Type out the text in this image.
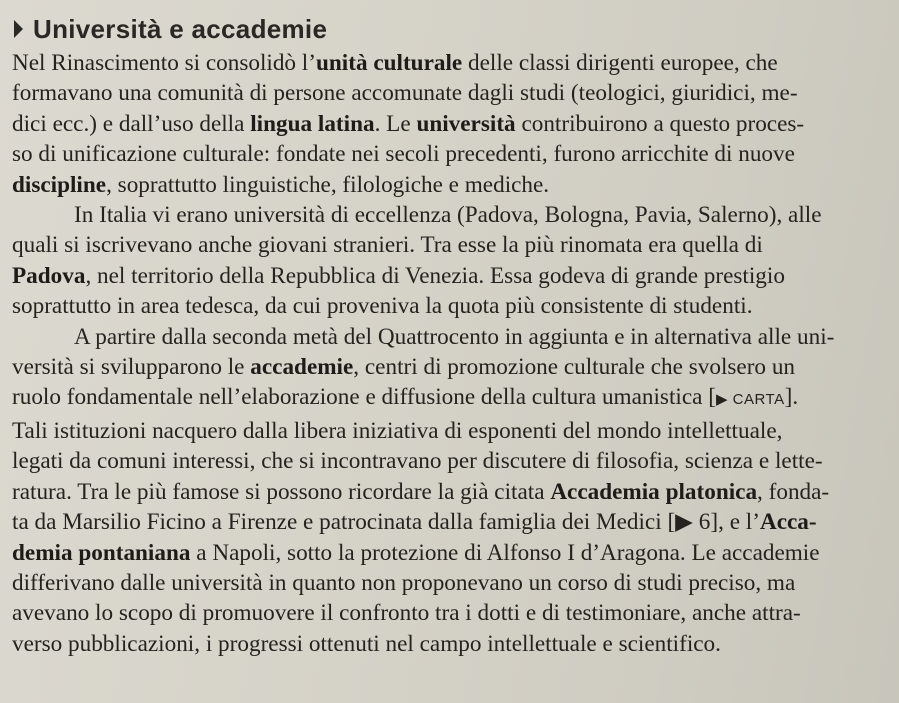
Università e accademie

Nel Rinascimento si consolidò l’unità culturale delle classi dirigenti europee, che
formavano una comunità di persone accomunate dagli studi (teologici, giuridici, me-
dici ecc.) e dall’uso della lingua latina. Le università contribuirono a questo proces-
so di unificazione culturale: fondate nei secoli precedenti, furono arricchite di nuove
discipline, soprattutto linguistiche, filologiche e mediche.

In Italia vi erano università di eccellenza (Padova, Bologna, Pavia, Salerno), alle
quali si iscrivevano anche giovani stranieri. Tra esse la più rinomata era quella di
Padova, nel territorio della Repubblica di Venezia. Essa godeva di grande prestigio
soprattutto in area tedesca, da cui proveniva la quota più consistente di studenti.

A partire dalla seconda metà del Quattrocento in aggiunta e in alternativa alle uni-
versità si svilupparono le accademie, centri di promozione culturale che svolsero un
ruolo fondamentale nell’elaborazione e diffusione della cultura umanistica [▶ CARTA].
Tali istituzioni nacquero dalla libera iniziativa di esponenti del mondo intellettuale,
legati da comuni interessi, che si incontravano per discutere di filosofia, scienza e lette-
ratura. Tra le più famose si possono ricordare la già citata Accademia platonica, fonda-
ta da Marsilio Ficino a Firenze e patrocinata dalla famiglia dei Medici [▶ 6], e l’Acca-
demia pontaniana a Napoli, sotto la protezione di Alfonso I d’Aragona. Le accademie
differivano dalle università in quanto non proponevano un corso di studi preciso, ma
avevano lo scopo di promuovere il confronto tra i dotti e di testimoniare, anche attra-
verso pubblicazioni, i progressi ottenuti nel campo intellettuale e scientifico.
